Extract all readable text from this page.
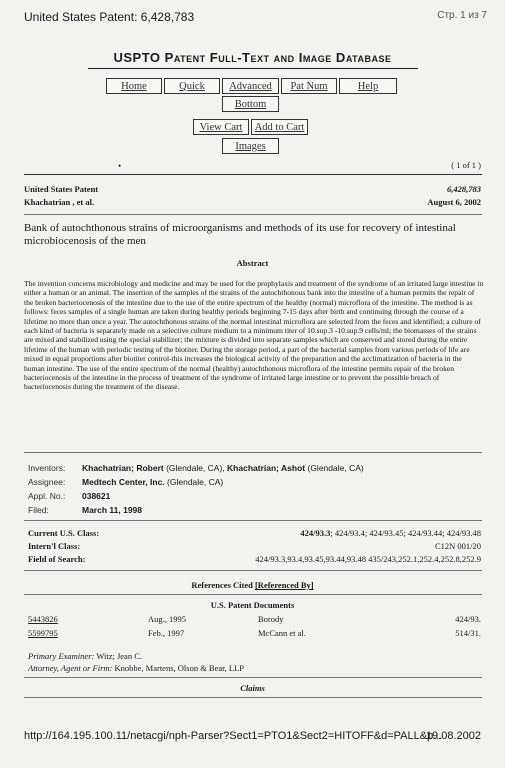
United States Patent: 6,428,783	Стр. 1 из 7
USPTO Patent Full-Text and Image Database
Home	Quick	Advanced	Pat Num	Help
Bottom
View Cart	Add to Cart
Images
•	( 1 of 1 )
United States Patent
Khachatrian , et al.
6,428,783
August 6, 2002
Bank of autochthonous strains of microorganisms and methods of its use for recovery of intestinal microbiocenosis of the men
Abstract
The invention concerns microbiology and medicine and may be used for the prophylaxis and treatment of the syndrome of an irritated large intestine in either a human or an animal. The insertion of the samples of the strains of the autochthonous bank into the intestine of a human permits the repair of the broken bacteriocenosis of the intestine due to the use of the entire spectrum of the healthy (normal) microflora of the intestine. The method is as follows: feces samples of a single human are taken during healthy periods beginning 7-15 days after birth and continuing through the course of a lifetime no more than once a year. The autochthonous strains of the normal intestinal microflora are selected from the feces and identified; a culture of each kind of bacteria is separately made on a selective culture medium to a minimum titer of 10.sup.3 -10.sup.9 cells/ml; the biomasses of the strains are mixed and stabilized using the special stabilizer; the mixture is divided into separate samples which are conserved and stored during the entire lifetime of the human with periodic testing of the biotiter. During the storage period, a part of the bacterial samples from various periods of life are mixed in equal proportions after biotiter control-this increases the biological activity of the preparation and the acclimatization of bacteria in the human intestine. The use of the entire spectrum of the normal (healthy) autochthonous microflora of the intestine permits repair of the broken bacteriocenosis of the intestine in the process of treatment of the syndrome of irritated large intestine or to prevent the possible breach of bacteriocenosis during the treatment of the disease.
Inventors: Khachatrian; Robert (Glendale, CA), Khachatrian; Ashot (Glendale, CA)
Assignee: Medtech Center, Inc. (Glendale, CA)
Appl. No.: 038621
Filed:	March 11, 1998
Current U.S. Class:	424/93.3; 424/93.4; 424/93.45; 424/93.44; 424/93.48
Intern'l Class:	C12N 001/20
Field of Search:	424/93.3,93.4,93.45,93.44,93.48 435/243,252.1,252.4,252.8,252.9
References Cited [Referenced By]
U.S. Patent Documents
5443826	Aug., 1995	Borody	424/93.
5599795	Feb., 1997	McCann et al.	514/31.
Primary Examiner: Witz; Jean C.
Attorney, Agent or Firm: Knobbe, Martens, Olson & Bear, LLP
Claims
http://164.195.100.11/netacgi/nph-Parser?Sect1=PTO1&Sect2=HITOFF&d=PALL&p...
19.08.2002
